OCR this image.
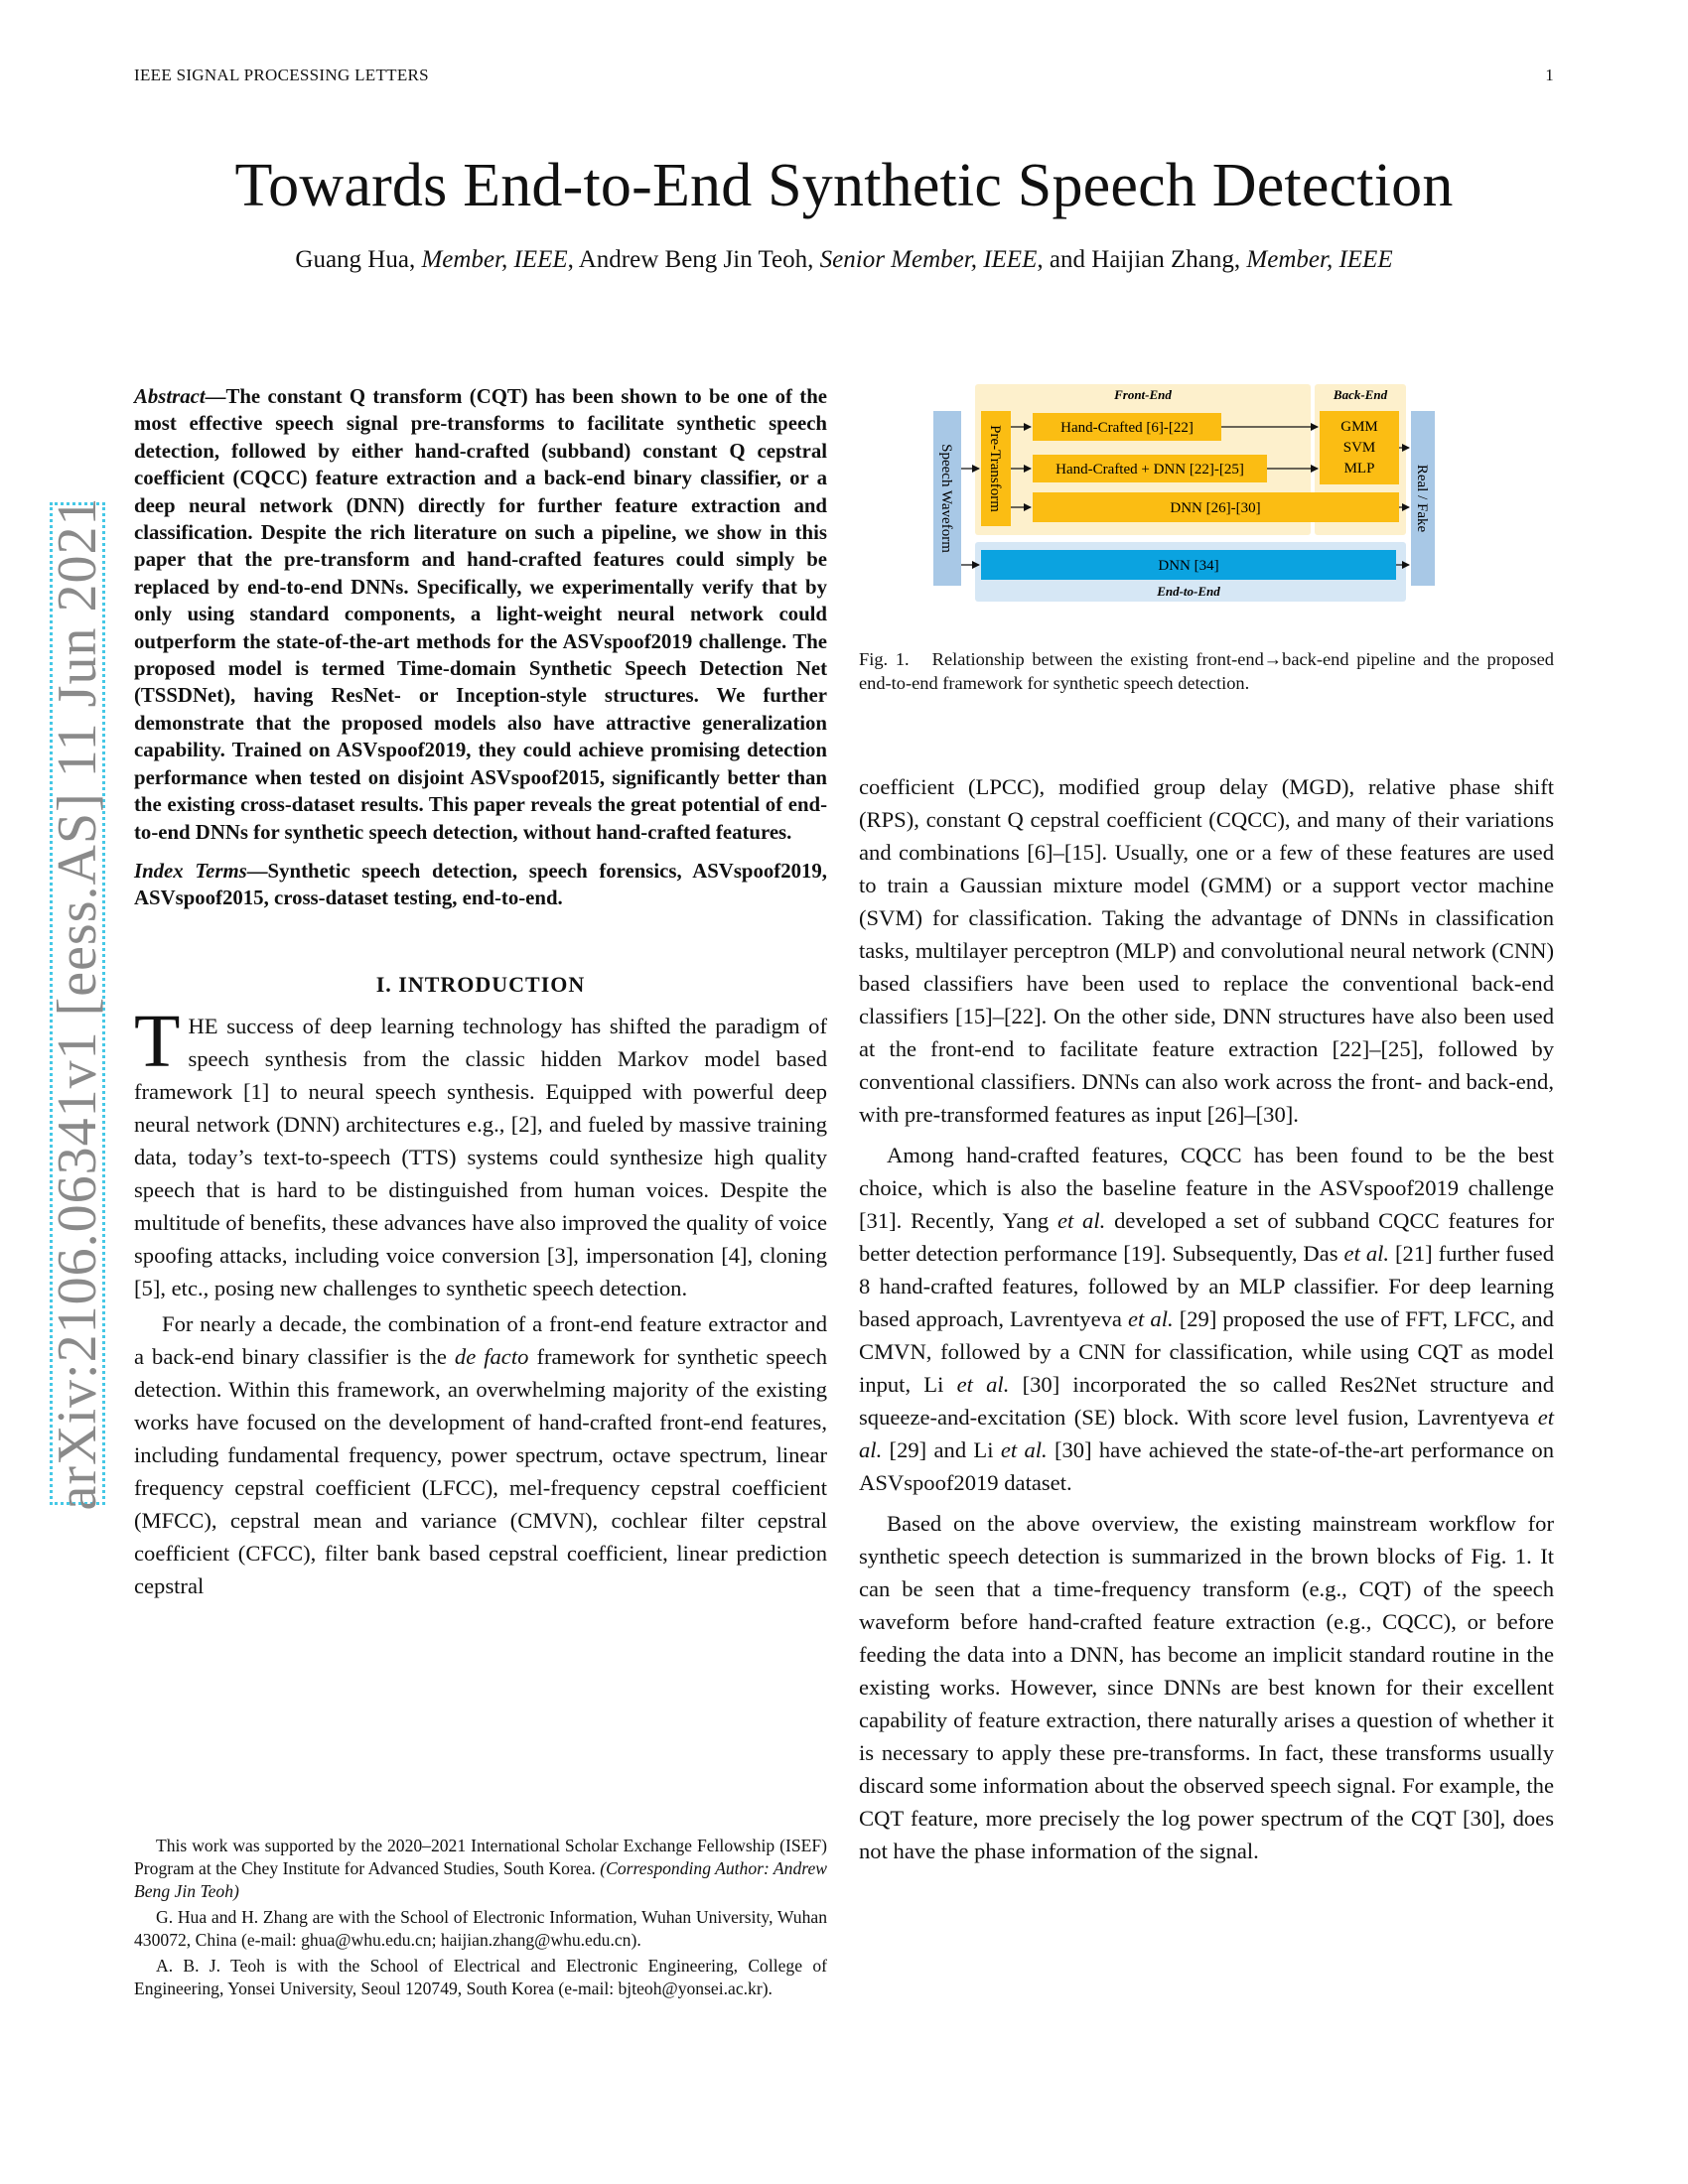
IEEE SIGNAL PROCESSING LETTERS	1
arXiv:2106.06341v1 [eess.AS] 11 Jun 2021
Towards End-to-End Synthetic Speech Detection
Guang Hua, Member, IEEE, Andrew Beng Jin Teoh, Senior Member, IEEE, and Haijian Zhang, Member, IEEE

Abstract—The constant Q transform (CQT) has been shown to be one of the most effective speech signal pre-transforms to facilitate synthetic speech detection, followed by either hand-crafted (subband) constant Q cepstral coefficient (CQCC) feature extraction and a back-end binary classifier, or a deep neural network (DNN) directly for further feature extraction and classification. Despite the rich literature on such a pipeline, we show in this paper that the pre-transform and hand-crafted features could simply be replaced by end-to-end DNNs. Specifically, we experimentally verify that by only using standard components, a light-weight neural network could outperform the state-of-the-art methods for the ASVspoof2019 challenge. The proposed model is termed Time-domain Synthetic Speech Detection Net (TSSDNet), having ResNet- or Inception-style structures. We further demonstrate that the proposed models also have attractive generalization capability. Trained on ASVspoof2019, they could achieve promising detection performance when tested on disjoint ASVspoof2015, significantly better than the existing cross-dataset results. This paper reveals the great potential of end-to-end DNNs for synthetic speech detection, without hand-crafted features.

Index Terms—Synthetic speech detection, speech forensics, ASVspoof2019, ASVspoof2015, cross-dataset testing, end-to-end.

I. INTRODUCTION

THE success of deep learning technology has shifted the paradigm of speech synthesis from the classic hidden Markov model based framework [1] to neural speech synthesis. Equipped with powerful deep neural network (DNN) architectures e.g., [2], and fueled by massive training data, today’s text-to-speech (TTS) systems could synthesize high quality speech that is hard to be distinguished from human voices. Despite the multitude of benefits, these advances have also improved the quality of voice spoofing attacks, including voice conversion [3], impersonation [4], cloning [5], etc., posing new challenges to synthetic speech detection.

For nearly a decade, the combination of a front-end feature extractor and a back-end binary classifier is the de facto framework for synthetic speech detection. Within this framework, an overwhelming majority of the existing works have focused on the development of hand-crafted front-end features, including fundamental frequency, power spectrum, octave spectrum, linear frequency cepstral coefficient (LFCC), mel-frequency cepstral coefficient (MFCC), cepstral mean and variance (CMVN), cochlear filter cepstral coefficient (CFCC), filter bank based cepstral coefficient, linear prediction cepstral

This work was supported by the 2020–2021 International Scholar Exchange Fellowship (ISEF) Program at the Chey Institute for Advanced Studies, South Korea. (Corresponding Author: Andrew Beng Jin Teoh)

G. Hua and H. Zhang are with the School of Electronic Information, Wuhan University, Wuhan 430072, China (e-mail: ghua@whu.edu.cn; haijian.zhang@whu.edu.cn).

A. B. J. Teoh is with the School of Electrical and Electronic Engineering, College of Engineering, Yonsei University, Seoul 120749, South Korea (e-mail: bjteoh@yonsei.ac.kr).

Front-End	Back-End
End-to-End
Hand-Crafted [6]-[22]
Hand-Crafted + DNN [22]-[25]
GMM
SVM
MLP
DNN [26]-[30]
DNN [34]
Speech Waveform Pre-Transform	Real / Fake

Fig. 1. Relationship between the existing front-end→back-end pipeline and the proposed end-to-end framework for synthetic speech detection.

coefficient (LPCC), modified group delay (MGD), relative phase shift (RPS), constant Q cepstral coefficient (CQCC), and many of their variations and combinations [6]–[15]. Usually, one or a few of these features are used to train a Gaussian mixture model (GMM) or a support vector machine (SVM) for classification. Taking the advantage of DNNs in classification tasks, multilayer perceptron (MLP) and convolutional neural network (CNN) based classifiers have been used to replace the conventional back-end classifiers [15]–[22]. On the other side, DNN structures have also been used at the front-end to facilitate feature extraction [22]–[25], followed by conventional classifiers. DNNs can also work across the front- and back-end, with pre-transformed features as input [26]–[30].

Among hand-crafted features, CQCC has been found to be the best choice, which is also the baseline feature in the ASVspoof2019 challenge [31]. Recently, Yang et al. developed a set of subband CQCC features for better detection performance [19]. Subsequently, Das et al. [21] further fused 8 hand-crafted features, followed by an MLP classifier. For deep learning based approach, Lavrentyeva et al. [29] proposed the use of FFT, LFCC, and CMVN, followed by a CNN for classification, while using CQT as model input, Li et al. [30] incorporated the so called Res2Net structure and squeeze-and-excitation (SE) block. With score level fusion, Lavrentyeva et al. [29] and Li et al. [30] have achieved the state-of-the-art performance on ASVspoof2019 dataset.

Based on the above overview, the existing mainstream workflow for synthetic speech detection is summarized in the brown blocks of Fig. 1. It can be seen that a time-frequency transform (e.g., CQT) of the speech waveform before hand-crafted feature extraction (e.g., CQCC), or before feeding the data into a DNN, has become an implicit standard routine in the existing works. However, since DNNs are best known for their excellent capability of feature extraction, there naturally arises a question of whether it is necessary to apply these pre-transforms. In fact, these transforms usually discard some information about the observed speech signal. For example, the CQT feature, more precisely the log power spectrum of the CQT [30], does not have the phase information of the signal.
